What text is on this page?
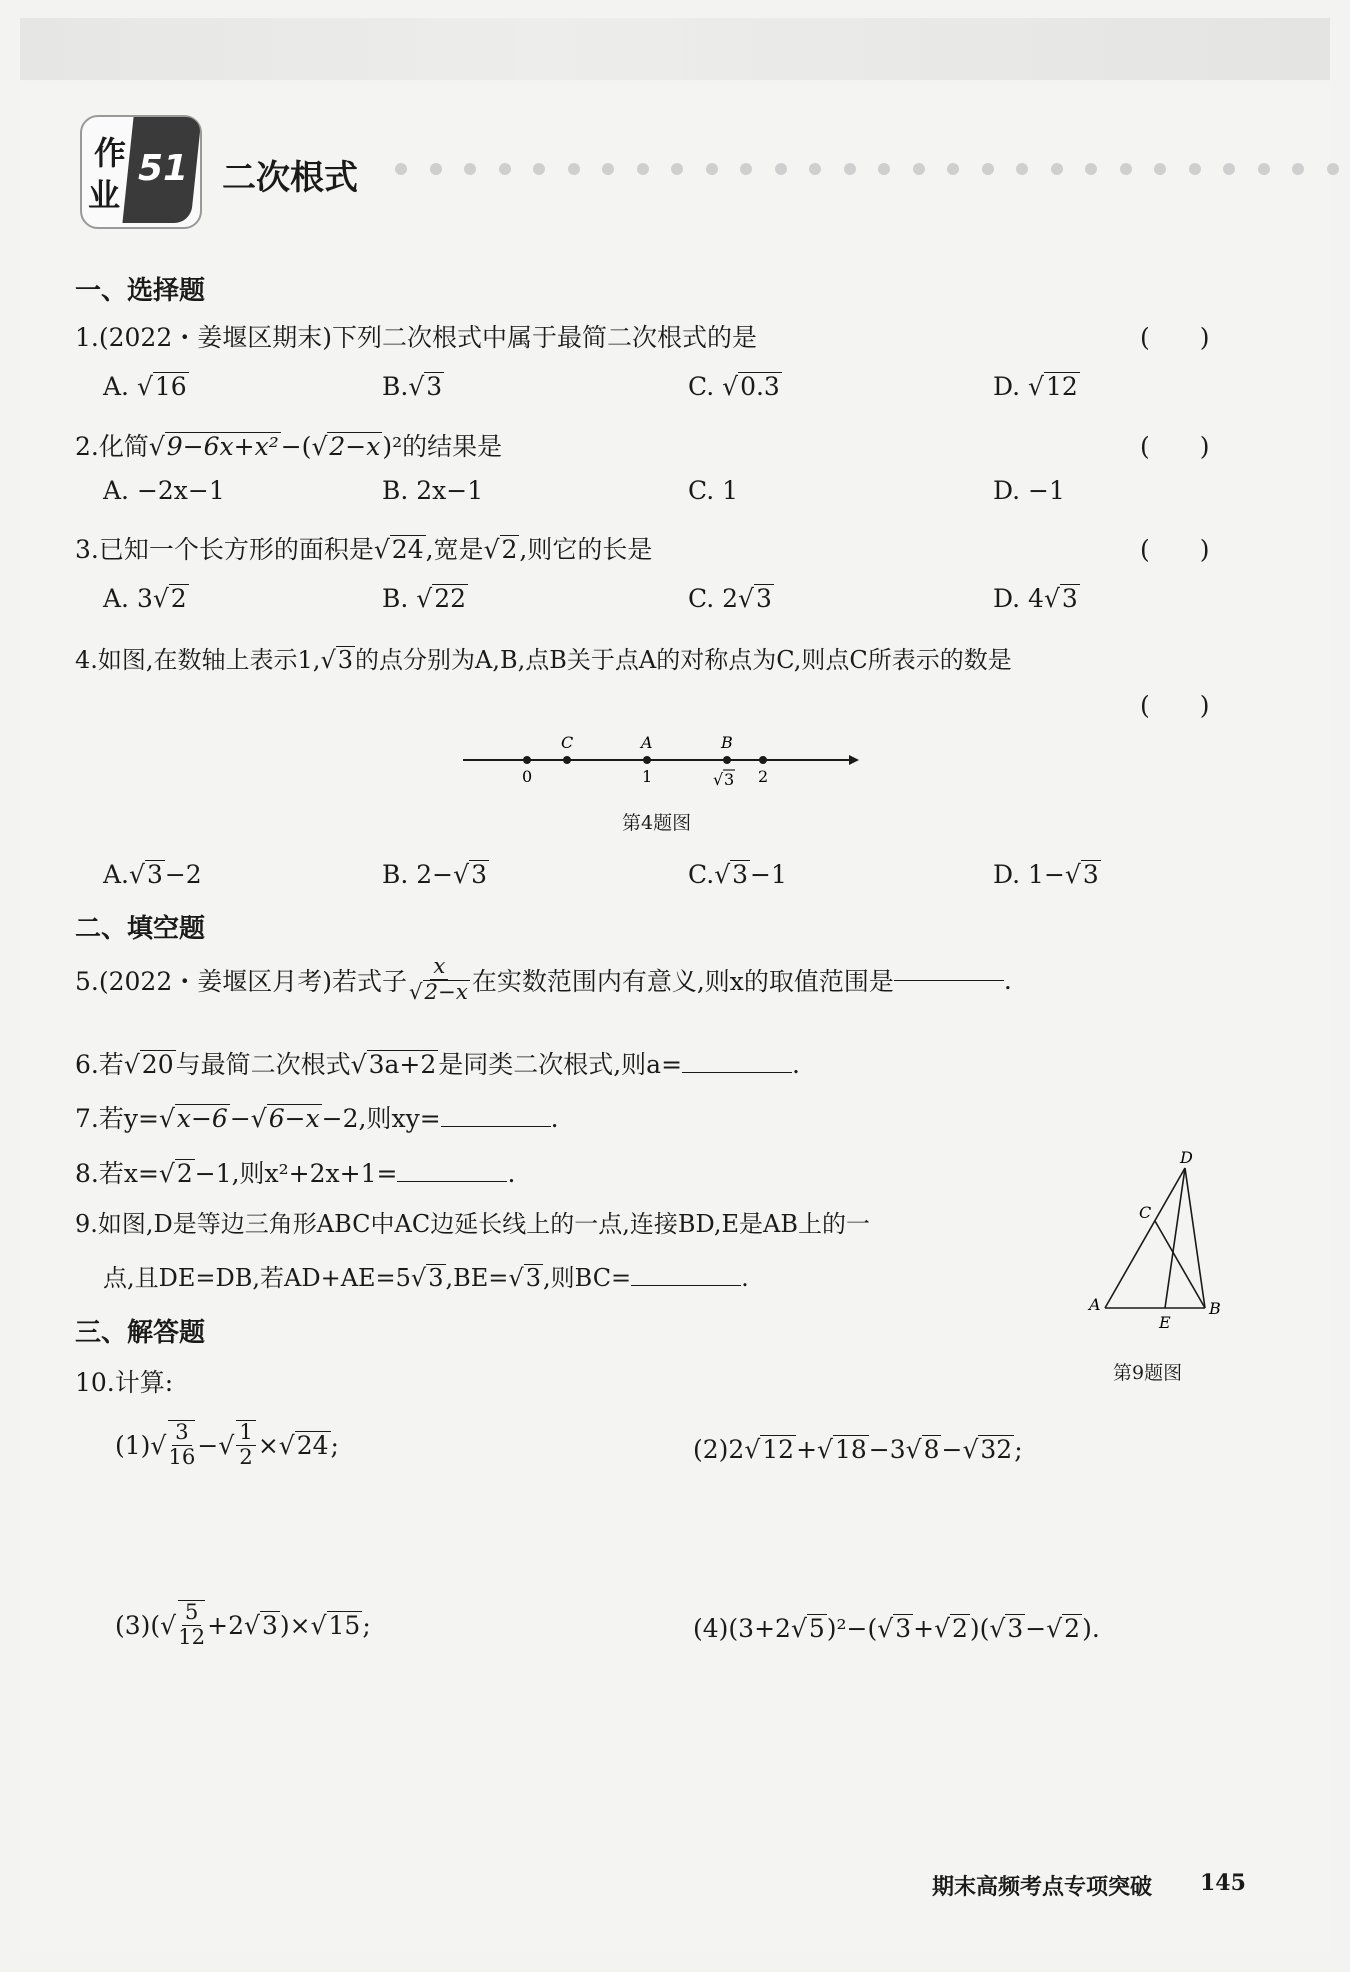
作
业
51 二次根式
一、选择题
1.(2022・姜堰区期末)下列二次根式中属于最简二次根式的是	(　　)
A. √16	B.√3	C. √0.3	D. √12
2.化简√9−6x+x²−(√2−x)²的结果是	(　　)
A. −2x−1	B. 2x−1	C. 1	D. −1
3.已知一个长方形的面积是√24,宽是√2,则它的长是	(　　)
A. 3√2	B. √22	C. 2√3	D. 4√3
4.如图,在数轴上表示1,√3的点分别为A,B,点B关于点A的对称点为C,则点C所表示的数是
(　　)
C	A	B
0	1	√ 3 2
第4题图
A.√3−2	B. 2−√3	C.√3−1	D. 1−√3
二、填空题
5.(2022・姜堰区月考)若式子 $\frac{x}{√2-x}$ 在实数范围内有意义,则x的取值范围是	.
6.若√20与最简二次根式√3a+2是同类二次根式,则a=	.
7.若y=√x−6−√6−x−2,则xy=	.
8.若x=√2−1,则x²+2x+1=	.
9.如图,D是等边三角形ABC中AC边延长线上的一点,连接BD,E是AB上的一
点,且DE=DB,若AD+AE=5√3,BE=√3,则BC=	.
D
C
A
E
B
第9题图
三、解答题
10.计算:
(1) √ $\frac{3}{16}$ − √ $\frac{1}{2}$ × √ 24 ;	(2)2√12+√18−3√8−√32;
(3)( √ $\frac{5}{12} +2$ √ 3 )× √ 15 ;	(4)(3+2√5)²−(√3+√2)(√3−√2).
期末高频考点专项突破 145
